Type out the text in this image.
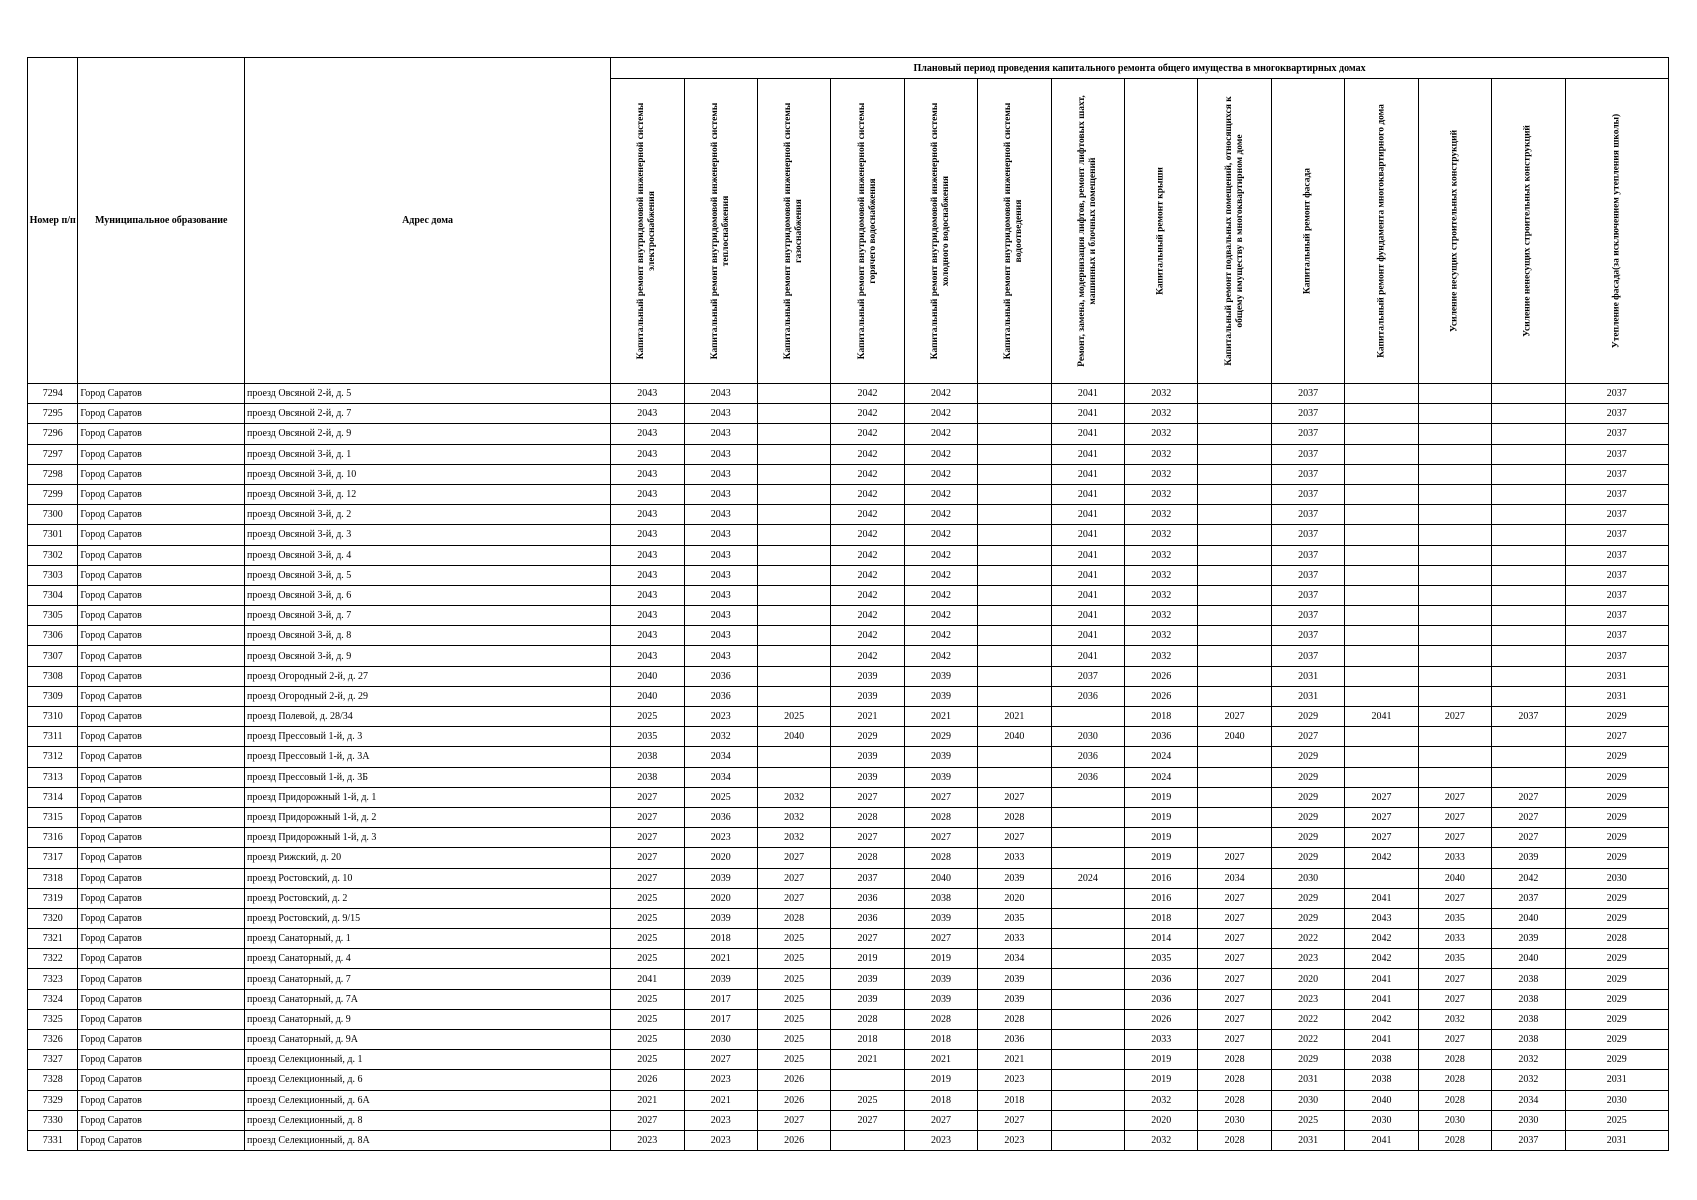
Номер п/п	Муниципальное образование	Адрес дома	Плановый период проведения капитального ремонта общего имущества в многоквартирных домах													

			Капитальный ремонт внутридомовой инженерной системы электроснабжения	Капитальный ремонт внутридомовой инженерной системы теплоснабжения	Капитальный ремонт внутридомовой инженерной системы газоснабжения	Капитальный ремонт внутридомовой инженерной системы горячего водоснабжения	Капитальный ремонт внутридомовой инженерной системы холодного водоснабжения	Капитальный ремонт внутридомовой инженерной системы водоотведения	Ремонт, замена, модернизация лифтов, ремонт лифтовых шахт, машинных и блочных помещений	Капитальный ремонт крыши	Капитальный ремонт подвальных помещений, относящихся к общему имуществу в многоквартирном доме	Капитальный ремонт фасада	Капитальный ремонт фундамента многоквартирного дома	Усиление несущих строительных конструкций	Усиление ненесущих строительных конструкций	Утепление фасада(за исключением утепления школы)

7294	Город Саратов	проезд Овсяной 2-й, д. 5	2043	2043		2042	2042		2041	2032		2037				2037
7295	Город Саратов	проезд Овсяной 2-й, д. 7	2043	2043		2042	2042		2041	2032		2037				2037
7296	Город Саратов	проезд Овсяной 2-й, д. 9	2043	2043		2042	2042		2041	2032		2037				2037
7297	Город Саратов	проезд Овсяной 3-й, д. 1	2043	2043		2042	2042		2041	2032		2037				2037
7298	Город Саратов	проезд Овсяной 3-й, д. 10	2043	2043		2042	2042		2041	2032		2037				2037
7299	Город Саратов	проезд Овсяной 3-й, д. 12	2043	2043		2042	2042		2041	2032		2037				2037
7300	Город Саратов	проезд Овсяной 3-й, д. 2	2043	2043		2042	2042		2041	2032		2037				2037
7301	Город Саратов	проезд Овсяной 3-й, д. 3	2043	2043		2042	2042		2041	2032		2037				2037
7302	Город Саратов	проезд Овсяной 3-й, д. 4	2043	2043		2042	2042		2041	2032		2037				2037
7303	Город Саратов	проезд Овсяной 3-й, д. 5	2043	2043		2042	2042		2041	2032		2037				2037
7304	Город Саратов	проезд Овсяной 3-й, д. 6	2043	2043		2042	2042		2041	2032		2037				2037
7305	Город Саратов	проезд Овсяной 3-й, д. 7	2043	2043		2042	2042		2041	2032		2037				2037
7306	Город Саратов	проезд Овсяной 3-й, д. 8	2043	2043		2042	2042		2041	2032		2037				2037
7307	Город Саратов	проезд Овсяной 3-й, д. 9	2043	2043		2042	2042		2041	2032		2037				2037
7308	Город Саратов	проезд Огородный 2-й, д. 27	2040	2036		2039	2039		2037	2026		2031				2031
7309	Город Саратов	проезд Огородный 2-й, д. 29	2040	2036		2039	2039		2036	2026		2031				2031
7310	Город Саратов	проезд Полевой, д. 28/34	2025	2023	2025	2021	2021	2021		2018	2027	2029	2041	2027	2037	2029
7311	Город Саратов	проезд Прессовый 1-й, д. 3	2035	2032	2040	2029	2029	2040	2030	2036	2040	2027				2027
7312	Город Саратов	проезд Прессовый 1-й, д. 3А	2038	2034		2039	2039		2036	2024		2029				2029
7313	Город Саратов	проезд Прессовый 1-й, д. 3Б	2038	2034		2039	2039		2036	2024		2029				2029
7314	Город Саратов	проезд Придорожный 1-й, д. 1	2027	2025	2032	2027	2027	2027		2019		2029	2027	2027	2027	2029
7315	Город Саратов	проезд Придорожный 1-й, д. 2	2027	2036	2032	2028	2028	2028		2019		2029	2027	2027	2027	2029
7316	Город Саратов	проезд Придорожный 1-й, д. 3	2027	2023	2032	2027	2027	2027		2019		2029	2027	2027	2027	2029
7317	Город Саратов	проезд Рижский, д. 20	2027	2020	2027	2028	2028	2033		2019	2027	2029	2042	2033	2039	2029
7318	Город Саратов	проезд Ростовский, д. 10	2027	2039	2027	2037	2040	2039	2024	2016	2034	2030		2040	2042	2030
7319	Город Саратов	проезд Ростовский, д. 2	2025	2020	2027	2036	2038	2020		2016	2027	2029	2041	2027	2037	2029
7320	Город Саратов	проезд Ростовский, д. 9/15	2025	2039	2028	2036	2039	2035		2018	2027	2029	2043	2035	2040	2029
7321	Город Саратов	проезд Санаторный, д. 1	2025	2018	2025	2027	2027	2033		2014	2027	2022	2042	2033	2039	2028
7322	Город Саратов	проезд Санаторный, д. 4	2025	2021	2025	2019	2019	2034		2035	2027	2023	2042	2035	2040	2029
7323	Город Саратов	проезд Санаторный, д. 7	2041	2039	2025	2039	2039	2039		2036	2027	2020	2041	2027	2038	2029
7324	Город Саратов	проезд Санаторный, д. 7А	2025	2017	2025	2039	2039	2039		2036	2027	2023	2041	2027	2038	2029
7325	Город Саратов	проезд Санаторный, д. 9	2025	2017	2025	2028	2028	2028		2026	2027	2022	2042	2032	2038	2029
7326	Город Саратов	проезд Санаторный, д. 9А	2025	2030	2025	2018	2018	2036		2033	2027	2022	2041	2027	2038	2029
7327	Город Саратов	проезд Селекционный, д. 1	2025	2027	2025	2021	2021	2021		2019	2028	2029	2038	2028	2032	2029
7328	Город Саратов	проезд Селекционный, д. 6	2026	2023	2026		2019	2023		2019	2028	2031	2038	2028	2032	2031
7329	Город Саратов	проезд Селекционный, д. 6А	2021	2021	2026	2025	2018	2018		2032	2028	2030	2040	2028	2034	2030
7330	Город Саратов	проезд Селекционный, д. 8	2027	2023	2027	2027	2027	2027		2020	2030	2025	2030	2030	2030	2025
7331	Город Саратов	проезд Селекционный, д. 8А	2023	2023	2026		2023	2023		2032	2028	2031	2041	2028	2037	2031
